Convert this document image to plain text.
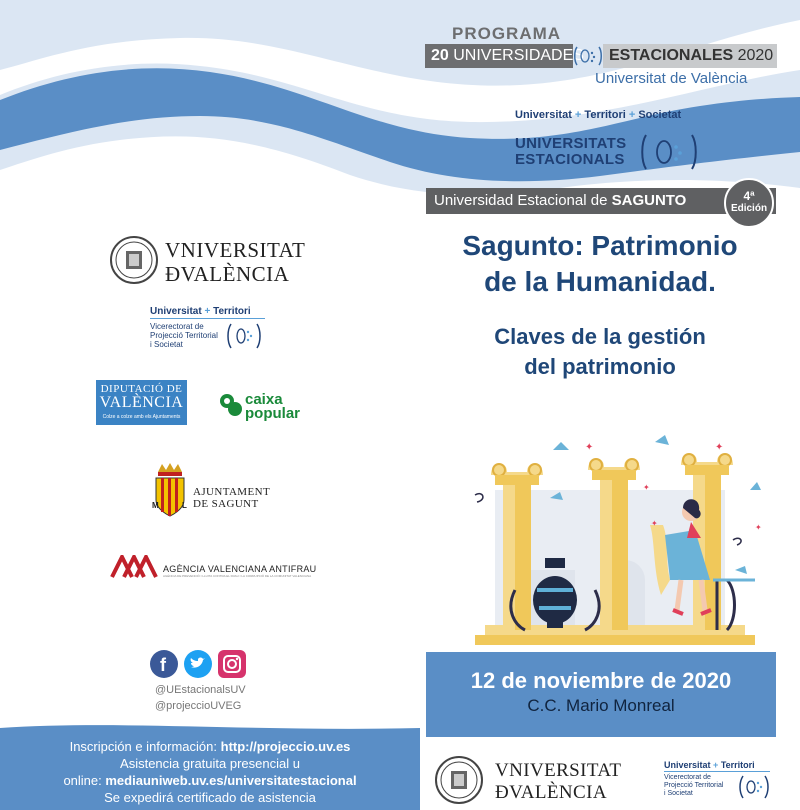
PROGRAMA
20 UNIVERSIDADES	ESTACIONALES 2020
Universitat de València
Universitat + Territori + Societat
UNIVERSITATS
ESTACIONALS
Universidad Estacional de SAGUNTO	4ª
Edición
Sagunto: Patrimonio
de la Humanidad.
Claves de la gestión
del patrimonio
✦	✦
✦
✦	✦
12 de noviembre de 2020
C.C. Mario Monreal
VNIVERSITAT
ÐVALÈNCIA
Universitat + Territori
Vicerectorat de
Projecció Territorial
i Societat
DIPUTACIÓ DE
VALÈNCIA
Colze a colze amb els Ajuntaments
caixa
popular
M	L
AJUNTAMENT
DE SAGUNT
AGÈNCIA VALENCIANA ANTIFRAU
AGÈNCIA DE PREVENCIÓ I LLUITA CONTRA EL FRAU I LA CORRUPCIÓ DE LA COMUNITAT VALENCIANA
f
@UEstacionalsUV
@projeccioUVEG
Inscripción e información: http://projeccio.uv.es
Asistencia gratuita presencial u
online: mediauniweb.uv.es/universitatestacional
Se expedirá certificado de asistencia
VNIVERSITAT
ÐVALÈNCIA
Universitat + Territori
Vicerectorat de
Projecció Territorial
i Societat
